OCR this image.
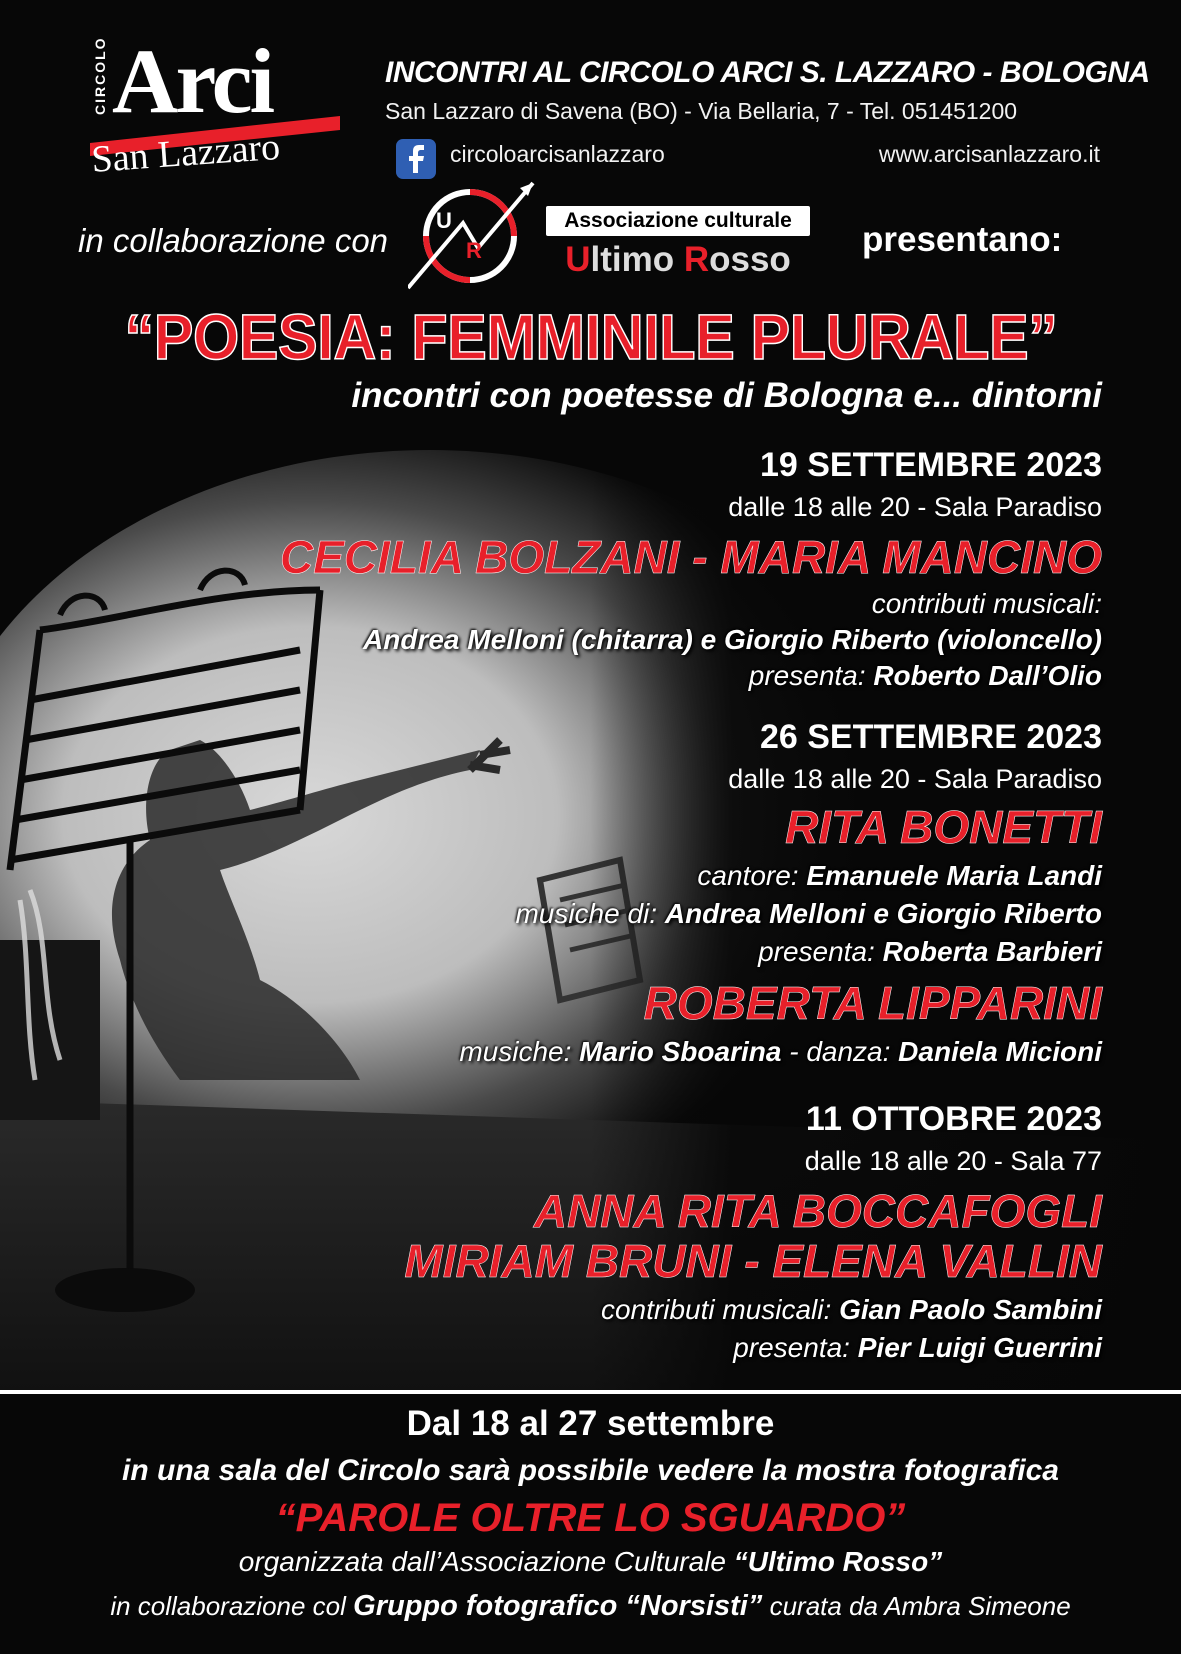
CIRCOLO Arci
San Lazzaro
INCONTRI AL CIRCOLO ARCI S. LAZZARO - BOLOGNA
San Lazzaro di Savena (BO) - Via Bellaria, 7 - Tel. 051451200
circoloarcisanlazzaro	www.arcisanlazzaro.it
in collaborazione con
U
R
Associazione culturale
Ultimo Rosso
presentano:
“POESIA: FEMMINILE PLURALE”
incontri con poetesse di Bologna e... dintorni
19 SETTEMBRE 2023
dalle 18 alle 20 - Sala Paradiso
CECILIA BOLZANI - MARIA MANCINO
contributi musicali:
Andrea Melloni (chitarra) e Giorgio Riberto (violoncello)
presenta: Roberto Dall’Olio
26 SETTEMBRE 2023
dalle 18 alle 20 - Sala Paradiso
RITA BONETTI
cantore: Emanuele Maria Landi
musiche di: Andrea Melloni e Giorgio Riberto
presenta: Roberta Barbieri
ROBERTA LIPPARINI
musiche: Mario Sboarina - danza: Daniela Micioni
11 OTTOBRE 2023
dalle 18 alle 20 - Sala 77
ANNA RITA BOCCAFOGLI
MIRIAM BRUNI - ELENA VALLIN
contributi musicali: Gian Paolo Sambini
presenta: Pier Luigi Guerrini
Dal 18 al 27 settembre
in una sala del Circolo sarà possibile vedere la mostra fotografica
“PAROLE OLTRE LO SGUARDO”
organizzata dall’Associazione Culturale “Ultimo Rosso”
in collaborazione col Gruppo fotografico “Norsisti” curata da Ambra Simeone
